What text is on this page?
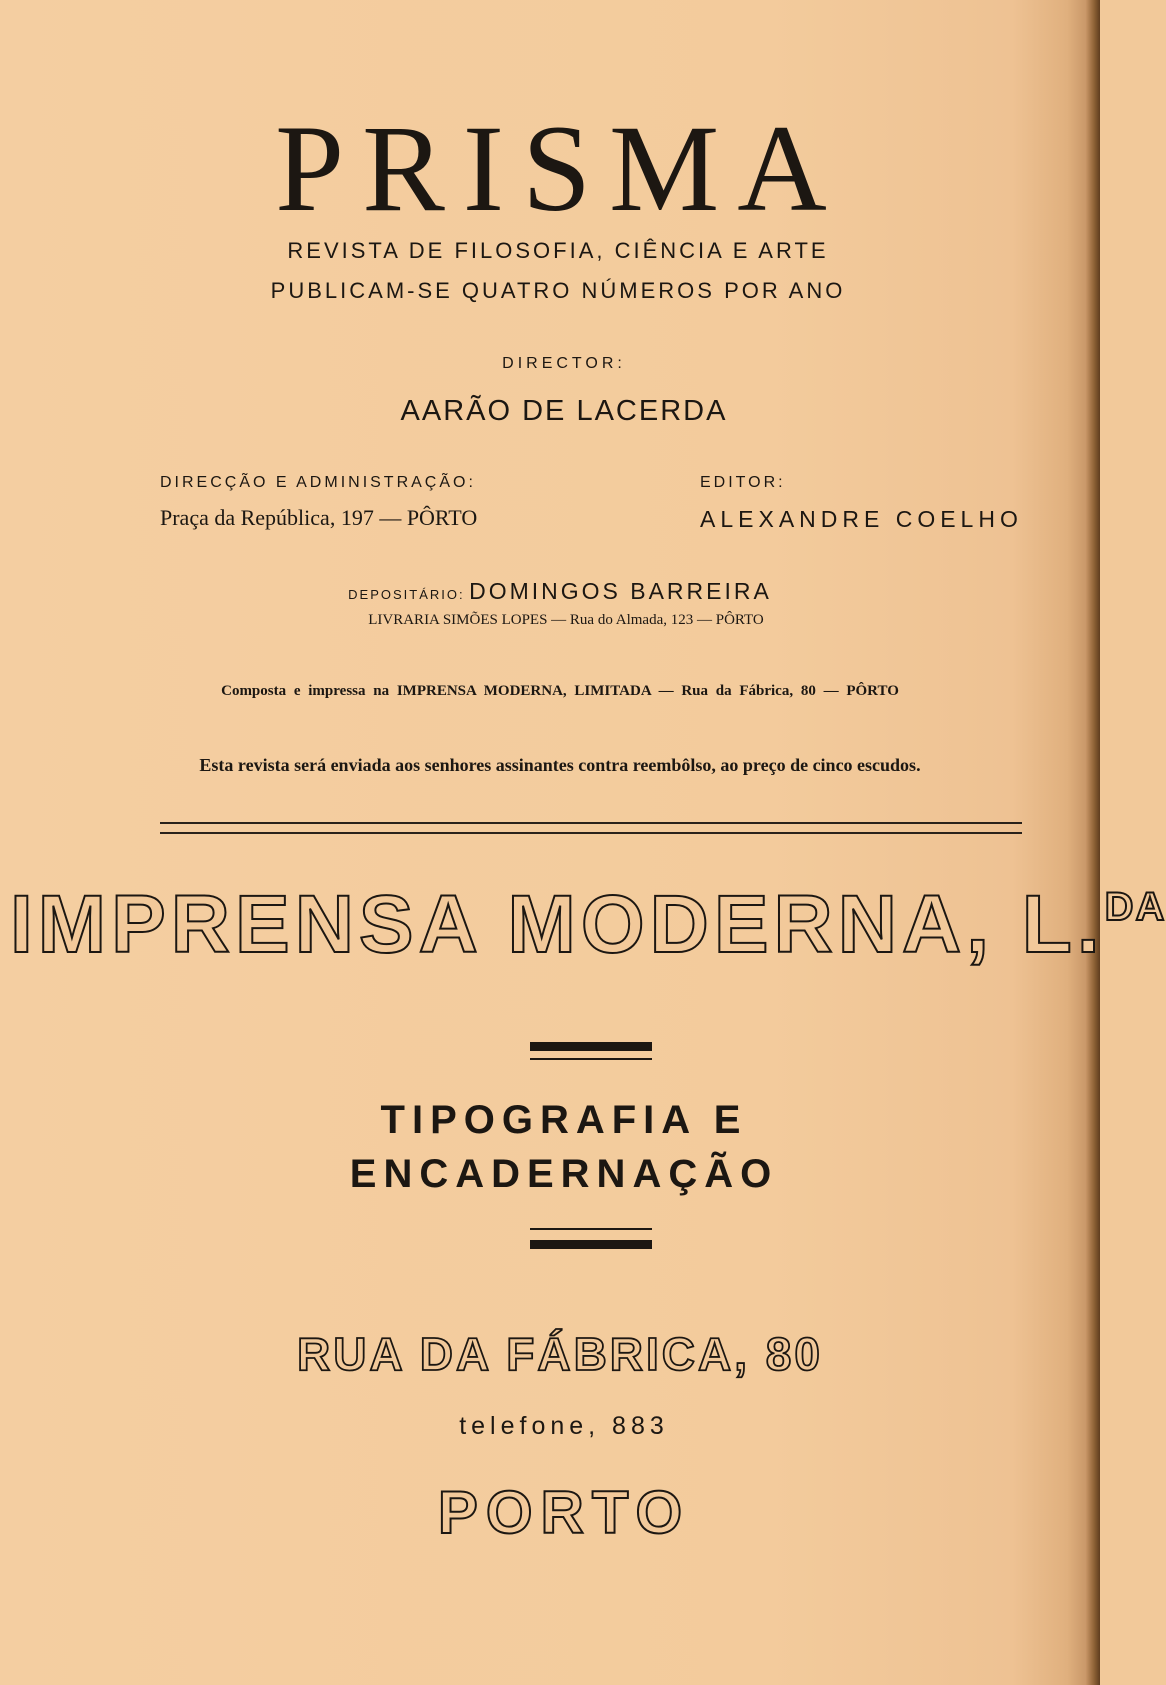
PRISMA
REVISTA DE FILOSOFIA, CIÊNCIA E ARTE
PUBLICAM-SE QUATRO NÚMEROS POR ANO
DIRECTOR:
AARÃO DE LACERDA
DIRECÇÃO E ADMINISTRAÇÃO:
Praça da República, 197 — PÔRTO
EDITOR:
ALEXANDRE COELHO
DEPOSITÁRIO: DOMINGOS BARREIRA
LIVRARIA SIMÕES LOPES — Rua do Almada, 123 — PÔRTO
Composta e impressa na IMPRENSA MODERNA, LIMITADA — Rua da Fábrica, 80 — PÔRTO
Esta revista será enviada aos senhores assinantes contra reembôlso, ao preço de cinco escudos.
IMPRENSA MODERNA, L.$^{DA}$
TIPOGRAFIA E
ENCADERNAÇÃO
RUA DA FÁBRICA, 80
telefone, 883
PORTO
